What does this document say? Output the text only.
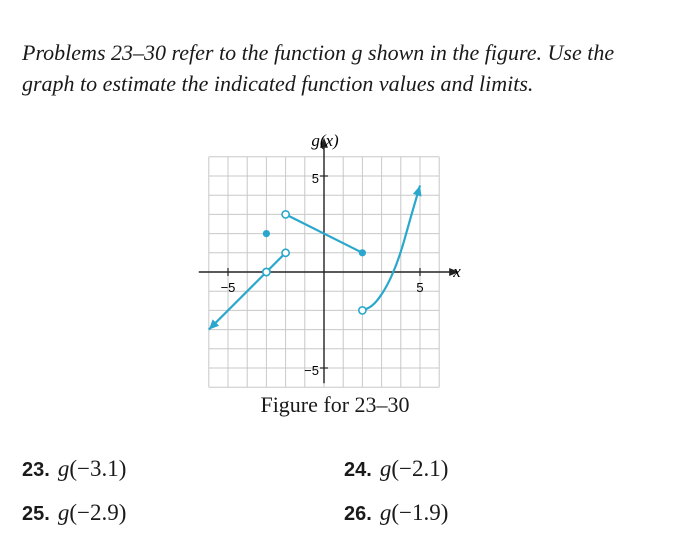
Problems 23–30 refer to the function g shown in the figure. Use the graph to estimate the indicated function values and limits.

g(x)
x
5
−5
5
−5
Figure for 23–30
23. g(−3.1)	24. g(−2.1)
25. g(−2.9)	26. g(−1.9)
